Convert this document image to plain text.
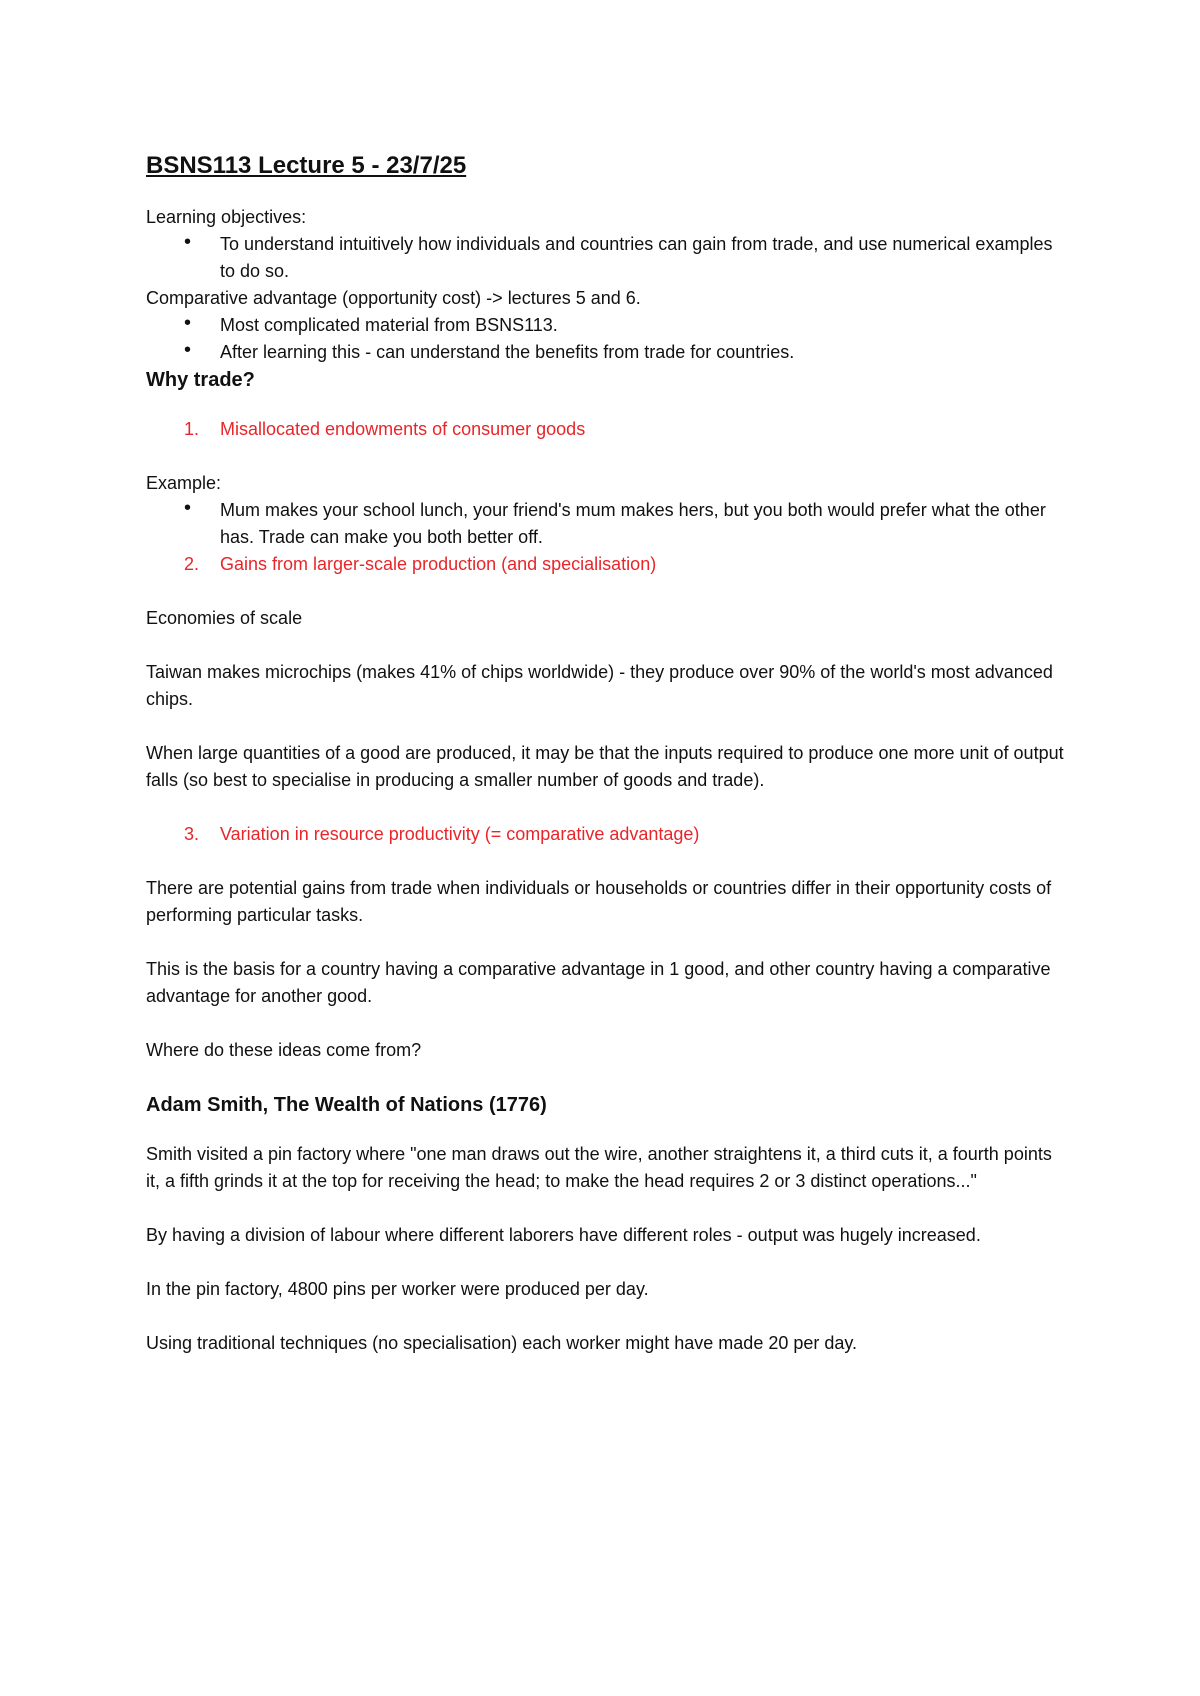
BSNS113 Lecture 5 - 23/7/25

Learning objectives:

• To understand intuitively how individuals and countries can gain from trade, and use numerical examples to do so.

Comparative advantage (opportunity cost) -> lectures 5 and 6.

• Most complicated material from BSNS113.
• After learning this - can understand the benefits from trade for countries.
Why trade?

1. Misallocated endowments of consumer goods

Example:

• Mum makes your school lunch, your friend's mum makes hers, but you both would prefer what the other has. Trade can make you both better off.

2. Gains from larger-scale production (and specialisation)

Economies of scale

Taiwan makes microchips (makes 41% of chips worldwide) - they produce over 90% of the world's most advanced chips.

When large quantities of a good are produced, it may be that the inputs required to produce one more unit of output falls (so best to specialise in producing a smaller number of goods and trade).

3. Variation in resource productivity (= comparative advantage)

There are potential gains from trade when individuals or households or countries differ in their opportunity costs of performing particular tasks.

This is the basis for a country having a comparative advantage in 1 good, and other country having a comparative advantage for another good.

Where do these ideas come from?

Adam Smith, The Wealth of Nations (1776)

Smith visited a pin factory where "one man draws out the wire, another straightens it, a third cuts it, a fourth points it, a fifth grinds it at the top for receiving the head; to make the head requires 2 or 3 distinct operations..."

By having a division of labour where different laborers have different roles - output was hugely increased.

In the pin factory, 4800 pins per worker were produced per day.

Using traditional techniques (no specialisation) each worker might have made 20 per day.
